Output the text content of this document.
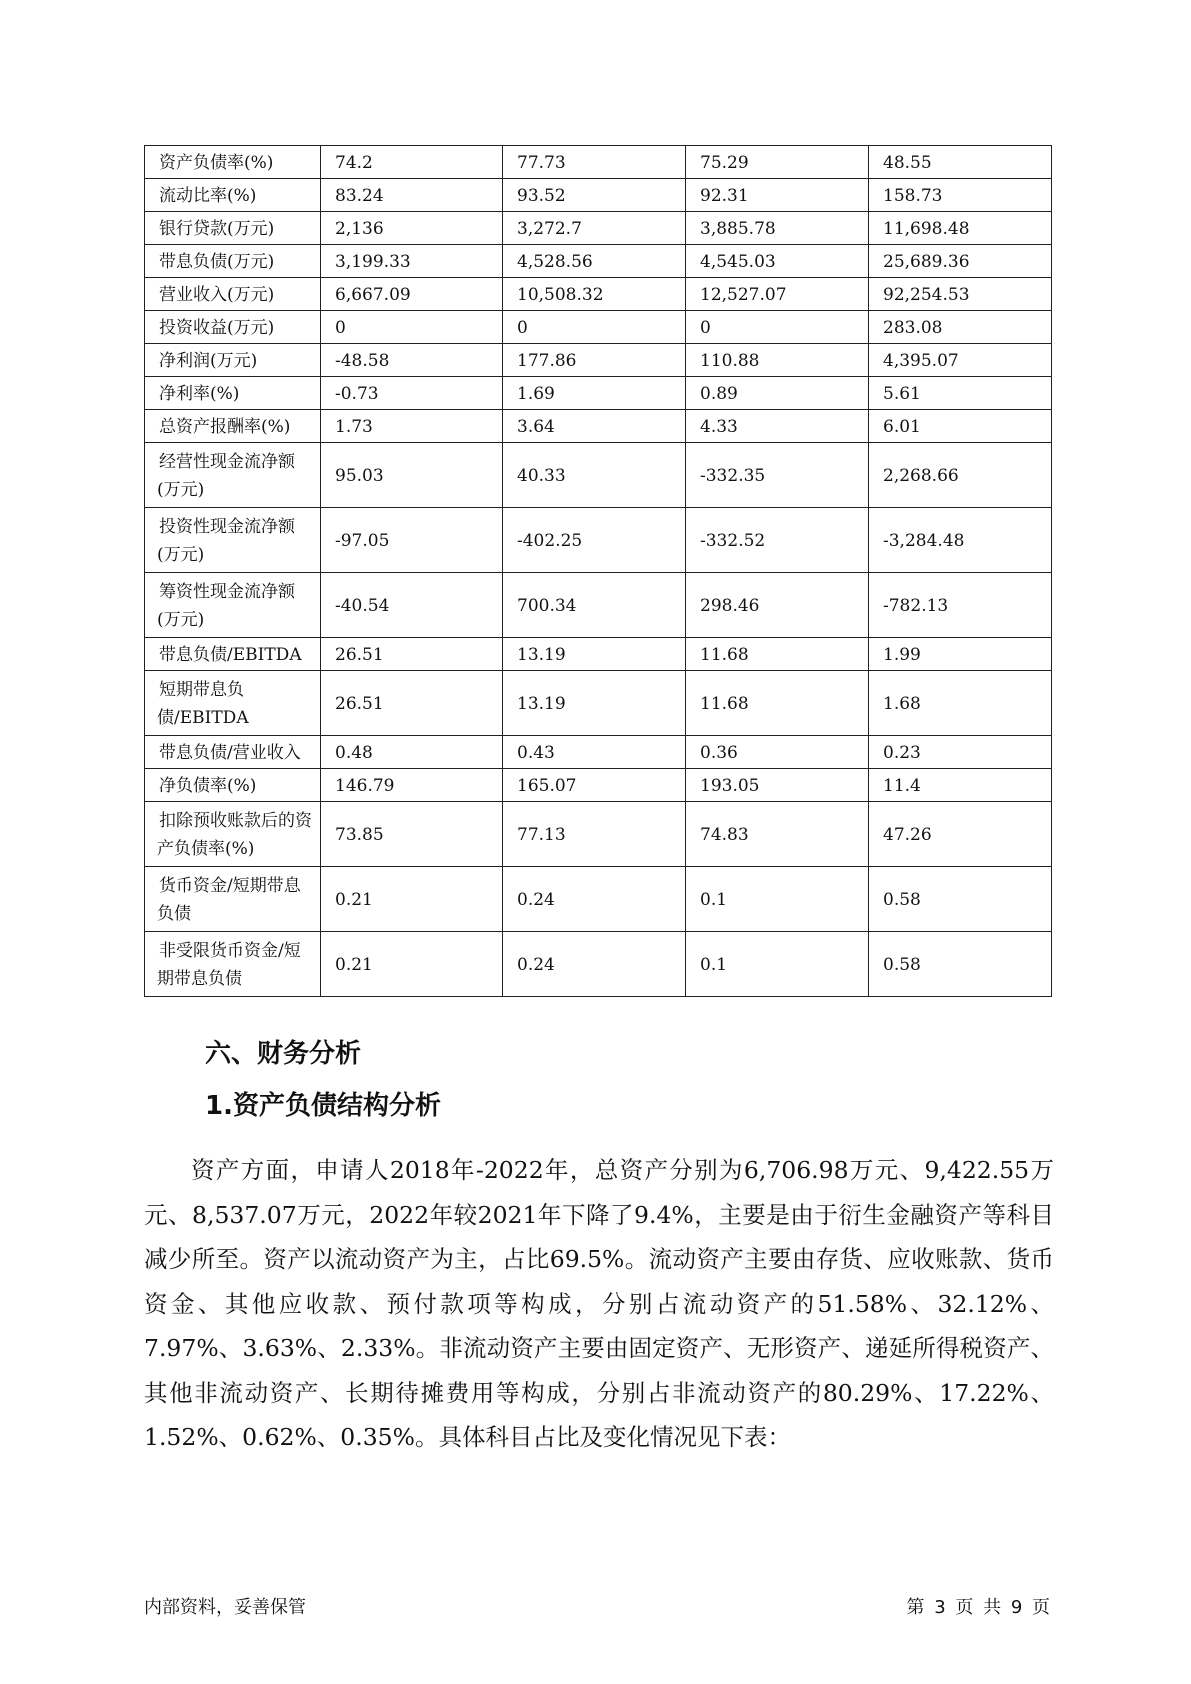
资产负债率(%)	74.2	77.73	75.29	48.55

流动比率(%)	83.24	93.52	92.31	158.73

银行贷款(万元)	2,136	3,272.7	3,885.78	11,698.48

带息负债(万元)	3,199.33	4,528.56	4,545.03	25,689.36

营业收入(万元)	6,667.09	10,508.32	12,527.07	92,254.53

投资收益(万元)	0	0	0	283.08

净利润(万元)	-48.58	177.86	110.88	4,395.07

净利率(%)	-0.73	1.69	0.89	5.61

总资产报酬率(%)	1.73	3.64	4.33	6.01

经营性现金流净额(万元)	95.03	40.33	-332.35	2,268.66

投资性现金流净额(万元)	-97.05	-402.25	-332.52	-3,284.48

筹资性现金流净额(万元)	-40.54	700.34	298.46	-782.13

带息负债/EBITDA	26.51	13.19	11.68	1.99

短期带息负债/EBITDA	26.51	13.19	11.68	1.68

带息负债/营业收入	0.48	0.43	0.36	0.23

净负债率(%)	146.79	165.07	193.05	11.4

扣除预收账款后的资产负债率(%)	73.85	77.13	74.83	47.26

货币资金/短期带息负债	0.21	0.24	0.1	0.58

非受限货币资金/短期带息负债	0.21	0.24	0.1	0.58
六、财务分析
1.资产负债结构分析

资产方面，申请人2018年-2022年，总资产分别为6,706.98万元、9,422.55万元、8,537.07万元，2022年较2021年下降了9.4%，主要是由于衍生金融资产等科目减少所至。资产以流动资产为主，占比69.5%。流动资产主要由存货、应收账款、货币资金、其他应收款、预付款项等构成，分别占流动资产的51.58%、32.12%、7.97%、3.63%、2.33%。非流动资产主要由固定资产、无形资产、递延所得税资产、其他非流动资产、长期待摊费用等构成，分别占非流动资产的80.29%、17.22%、1.52%、0.62%、0.35%。具体科目占比及变化情况见下表：

内部资料，妥善保管	第 3 页 共 9 页
